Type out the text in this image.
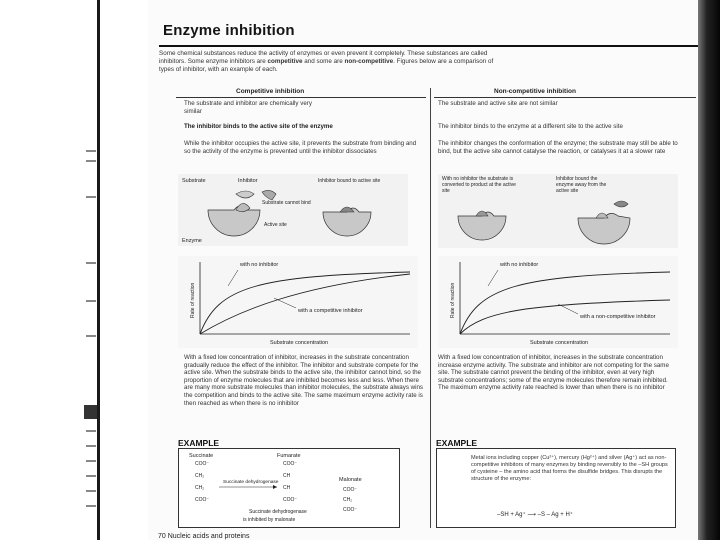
Enzyme inhibition
Some chemical substances reduce the activity of enzymes or even prevent it completely. These substances are called
inhibitors. Some enzyme inhibitors are competitive and some are non-competitive. Figures below are a comparison of
types of inhibitor, with an example of each.
Competitive inhibition
The substrate and inhibitor are chemically very similar
The inhibitor binds to the active site of the enzyme
While the inhibitor occupies the active site, it prevents the substrate from binding and so the activity of the enzyme is prevented until the inhibitor dissociates
Substrate	Inhibitor	Inhibitor bound to active site
Substrate cannot bind
Active site
Enzyme
with no inhibitor
with a competitive inhibitor
Rate of reaction
Substrate concentration
With a fixed low concentration of inhibitor, increases in the substrate concentration gradually reduce the effect of the inhibitor. The inhibitor and substrate compete for the active site. When the substrate binds to the active site, the inhibitor cannot bind, so the proportion of enzyme molecules that are inhibited becomes less and less. When there are many more substrate molecules than inhibitor molecules, the substrate always wins the competition and binds to the active site. The same maximum enzyme activity rate is then reached as when there is no inhibitor
EXAMPLE
Succinate	Fumarate
COO⁻
CH₂
CH₂
COO⁻
Succinate dehydrogenase
COO⁻
CH
CH
COO⁻
Malonate
COO⁻
CH₂
COO⁻
Succinate dehydrogenase
is inhibited by malonate
Non-competitive inhibition
The substrate and active site are not similar
The inhibitor binds to the enzyme at a different site to the active site
The inhibitor changes the conformation of the enzyme; the substrate may still be able to bind, but the active site cannot catalyse the reaction, or catalyses it at a slower rate
With no inhibitor the substrate is converted to product at the active site
Inhibitor bound the enzyme away from the active site
with no inhibitor
with a non-competitive inhibitor
Rate of reaction
Substrate concentration
With a fixed low concentration of inhibitor, increases in the substrate concentration increase enzyme activity. The substrate and inhibitor are not competing for the same site. The substrate cannot prevent the binding of the inhibitor, even at very high substrate concentrations; some of the enzyme molecules therefore remain inhibited. The maximum enzyme activity rate reached is lower than when there is no inhibitor
EXAMPLE
Metal ions including copper (Cu²⁺), mercury (Hg²⁺) and silver (Ag⁺) act as non-competitive inhibitors of many enzymes by binding reversibly to the –SH groups of cysteine – the amino acid that forms the disulfide bridges. This disrupts the structure of the enzyme:
–SH + Ag⁺ ⟶ –S – Ag + H⁺
70 Nucleic acids and proteins
